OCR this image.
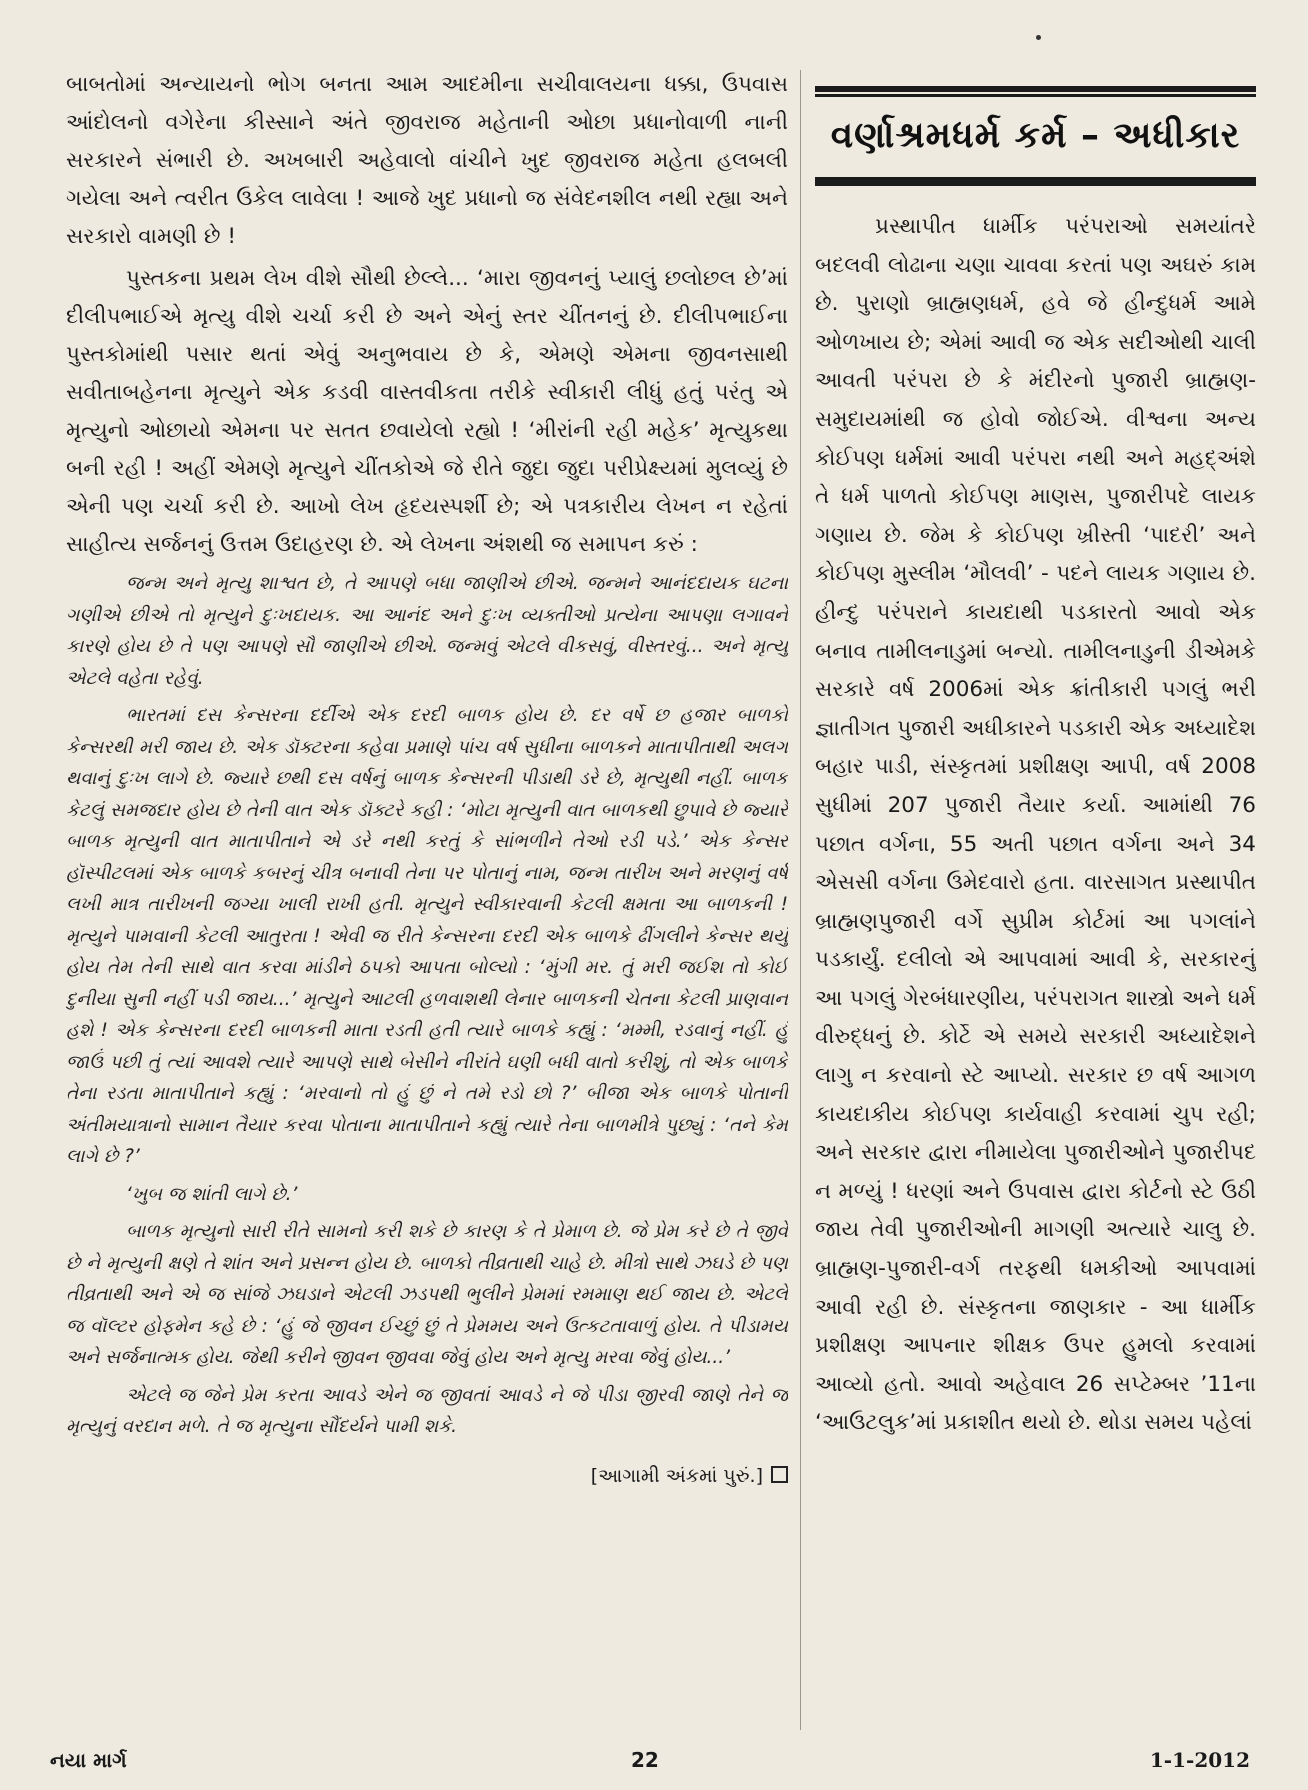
બાબતોમાં અન્યાયનો ભોગ બનતા આમ આદમીના સચીવાલયના ધક્કા, ઉપવાસ આંદોલનો વગેરેના કીસ્સાને અંતે જીવરાજ મહેતાની ઓછા પ્રધાનોવાળી નાની સરકારને સંભારી છે. અખબારી અહેવાલો વાંચીને ખુદ જીવરાજ મહેતા હલબલી ગયેલા અને ત્વરીત ઉકેલ લાવેલા ! આજે ખુદ પ્રધાનો જ સંવેદનશીલ નથી રહ્યા અને સરકારો વામણી છે !

પુસ્તકના પ્રથમ લેખ વીશે સૌથી છેલ્લે... ‘મારા જીવનનું પ્યાલું છલોછલ છે’માં દીલીપભાઈએ મૃત્યુ વીશે ચર્ચા કરી છે અને એનું સ્તર ચીંતનનું છે. દીલીપભાઈના પુસ્તકોમાંથી પસાર થતાં એવું અનુભવાય છે કે, એમણે એમના જીવનસાથી સવીતાબહેનના મૃત્યુને એક કડવી વાસ્તવીકતા તરીકે સ્વીકારી લીધું હતું પરંતુ એ મૃત્યુનો ઓછાયો એમના પર સતત છવાયેલો રહ્યો ! ‘મીરાંની રહી મહેક’ મૃત્યુકથા બની રહી ! અહીં એમણે મૃત્યુને ચીંતકોએ જે રીતે જુદા જુદા પરીપ્રેક્ષ્યમાં મુલવ્યું છે એની પણ ચર્ચા કરી છે. આખો લેખ હૃદયસ્પર્શી છે; એ પત્રકારીય લેખન ન રહેતાં સાહીત્ય સર્જનનું ઉત્તમ ઉદાહરણ છે. એ લેખના અંશથી જ સમાપન કરું :

જન્મ અને મૃત્યુ શાશ્વત છે, તે આપણે બધા જાણીએ છીએ. જન્મને આનંદદાયક ઘટના ગણીએ છીએ તો મૃત્યુને દુઃખદાયક. આ આનંદ અને દુઃખ વ્યક્તીઓ પ્રત્યેના આપણા લગાવને કારણે હોય છે તે પણ આપણે સૌ જાણીએ છીએ. જન્મવું એટલે વીકસવું, વીસ્તરવું... અને મૃત્યુ એટલે વહેતા રહેવું.

ભારતમાં દસ કેન્સરના દર્દીએ એક દરદી બાળક હોય છે. દર વર્ષે છ હજાર બાળકો કેન્સરથી મરી જાય છે. એક ડૉક્ટરના કહેવા પ્રમાણે પાંચ વર્ષ સુધીના બાળકને માતાપીતાથી અલગ થવાનું દુઃખ લાગે છે. જ્યારે છથી દસ વર્ષનું બાળક કેન્સરની પીડાથી ડરે છે, મૃત્યુથી નહીં. બાળક કેટલું સમજદાર હોય છે તેની વાત એક ડૉક્ટરે કહી : ‘મોટા મૃત્યુની વાત બાળકથી છુપાવે છે જ્યારે બાળક મૃત્યુની વાત માતાપીતાને એ ડરે નથી કરતું કે સાંભળીને તેઓ રડી પડે.’ એક કેન્સર હૉસ્પીટલમાં એક બાળકે કબરનું ચીત્ર બનાવી તેના પર પોતાનું નામ, જન્મ તારીખ અને મરણનું વર્ષ લખી માત્ર તારીખની જગ્યા ખાલી રાખી હતી. મૃત્યુને સ્વીકારવાની કેટલી ક્ષમતા આ બાળકની ! મૃત્યુને પામવાની કેટલી આતુરતા ! એવી જ રીતે કેન્સરના દરદી એક બાળકે ઢીંગલીને કેન્સર થયું હોય તેમ તેની સાથે વાત કરવા માંડીને ઠપકો આપતા બોલ્યો : ‘મુંગી મર. તું મરી જઈશ તો કોઈ દુનીયા સુની નહીં પડી જાય...’ મૃત્યુને આટલી હળવાશથી લેનાર બાળકની ચેતના કેટલી પ્રાણવાન હશે ! એક કેન્સરના દરદી બાળકની માતા રડતી હતી ત્યારે બાળકે કહ્યું : ‘મમ્મી, રડવાનું નહીં. હું જાઉં પછી તું ત્યાં આવશે ત્યારે આપણે સાથે બેસીને નીરાંતે ઘણી બધી વાતો કરીશું, તો એક બાળકે તેના રડતા માતાપીતાને કહ્યું : ‘મરવાનો તો હું છું ને તમે રડો છો ?’ બીજા એક બાળકે પોતાની અંતીમયાત્રાનો સામાન તૈયાર કરવા પોતાના માતાપીતાને કહ્યું ત્યારે તેના બાળમીત્રે પુછ્યું : ‘તને કેમ લાગે છે ?’

‘ખુબ જ શાંતી લાગે છે.’

બાળક મૃત્યુનો સારી રીતે સામનો કરી શકે છે કારણ કે તે પ્રેમાળ છે. જે પ્રેમ કરે છે તે જીવે છે ને મૃત્યુની ક્ષણે તે શાંત અને પ્રસન્ન હોય છે. બાળકો તીવ્રતાથી ચાહે છે. મીત્રો સાથે ઝઘડે છે પણ તીવ્રતાથી અને એ જ સાંજે ઝઘડાને એટલી ઝડપથી ભુલીને પ્રેમમાં રમમાણ થઈ જાય છે. એટલે જ વૉલ્ટર હોફમેન કહે છે : ‘હું જે જીવન ઈચ્છું છું તે પ્રેમમય અને ઉત્કટતાવાળું હોય. તે પીડામય અને સર્જનાત્મક હોય. જેથી કરીને જીવન જીવવા જેવું હોય અને મૃત્યુ મરવા જેવું હોય...’

એટલે જ જેને પ્રેમ કરતા આવડે એને જ જીવતાં આવડે ને જે પીડા જીરવી જાણે તેને જ મૃત્યુનું વરદાન મળે. તે જ મૃત્યુના સૌંદર્યને પામી શકે.

[આગામી અંકમાં પુરું.]

વર્ણાશ્રમધર્મ કર્મ – અધીકાર

પ્રસ્થાપીત ધાર્મીક પરંપરાઓ સમયાંતરે બદલવી લોઢાના ચણા ચાવવા કરતાં પણ અઘરું કામ છે. પુરાણો બ્રાહ્મણધર્મ, હવે જે હીન્દુધર્મ આમે ઓળખાય છે; એમાં આવી જ એક સદીઓથી ચાલી આવતી પરંપરા છે કે મંદીરનો પુજારી બ્રાહ્મણ-સમુદાયમાંથી જ હોવો જોઈએ. વીશ્વના અન્ય કોઈપણ ધર્મમાં આવી પરંપરા નથી અને મહદ્અંશે તે ધર્મ પાળતો કોઈપણ માણસ, પુજારીપદે લાયક ગણાય છે. જેમ કે કોઈપણ ખ્રીસ્તી ‘પાદરી’ અને કોઈપણ મુસ્લીમ ‘મૌલવી’ - પદને લાયક ગણાય છે. હીન્દુ પરંપરાને કાયદાથી પડકારતો આવો એક બનાવ તામીલનાડુમાં બન્યો. તામીલનાડુની ડીએમકે સરકારે વર્ષ 2006માં એક ક્રાંતીકારી પગલું ભરી જ્ઞાતીગત પુજારી અધીકારને પડકારી એક અધ્યાદેશ બહાર પાડી, સંસ્કૃતમાં પ્રશીક્ષણ આપી, વર્ષ 2008 સુધીમાં 207 પુજારી તૈયાર કર્યા. આમાંથી 76 પછાત વર્ગના, 55 અતી પછાત વર્ગના અને 34 એસસી વર્ગના ઉમેદવારો હતા. વારસાગત પ્રસ્થાપીત બ્રાહ્મણપુજારી વર્ગે સુપ્રીમ કોર્ટમાં આ પગલાંને પડકાર્યું. દલીલો એ આપવામાં આવી કે, સરકારનું આ પગલું ગેરબંધારણીય, પરંપરાગત શાસ્ત્રો અને ધર્મ વીરુદ્ધનું છે. કોર્ટે એ સમયે સરકારી અધ્યાદેશને લાગુ ન કરવાનો સ્ટે આપ્યો. સરકાર છ વર્ષ આગળ કાયદાકીય કોઈપણ કાર્યવાહી કરવામાં ચુપ રહી; અને સરકાર દ્વારા નીમાયેલા પુજારીઓને પુજારીપદ ન મળ્યું ! ધરણાં અને ઉપવાસ દ્વારા કોર્ટનો સ્ટે ઉઠી જાય તેવી પુજારીઓની માગણી અત્યારે ચાલુ છે. બ્રાહ્મણ-પુજારી-વર્ગ તરફથી ધમકીઓ આપવામાં આવી રહી છે. સંસ્કૃતના જાણકાર - આ ધાર્મીક પ્રશીક્ષણ આપનાર શીક્ષક ઉપર હુમલો કરવામાં આવ્યો હતો. આવો અહેવાલ 26 સપ્ટેમ્બર ’11ના ‘આઉટલુક’માં પ્રકાશીત થયો છે. થોડા સમય પહેલાં

નયા માર્ગ	22	1-1-2012
